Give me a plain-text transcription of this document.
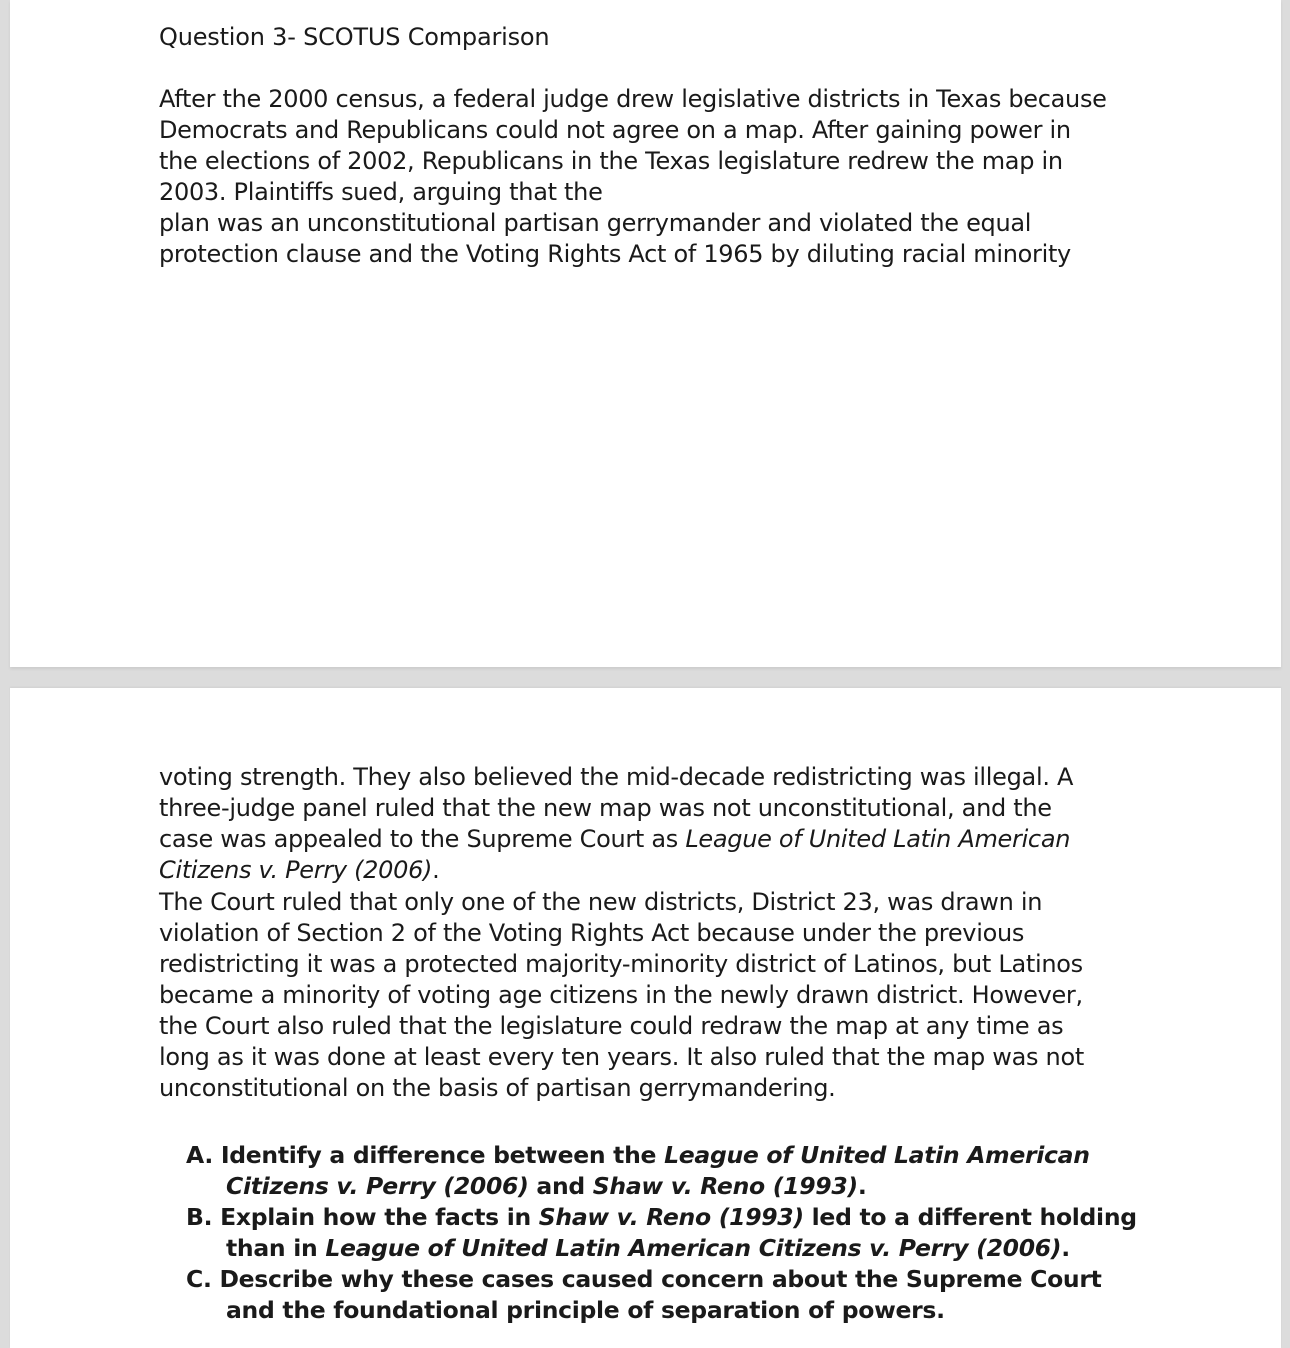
Question 3- SCOTUS Comparison

After the 2000 census, a federal judge drew legislative districts in Texas because
Democrats and Republicans could not agree on a map. After gaining power in
the elections of 2002, Republicans in the Texas legislature redrew the map in
2003. Plaintiffs sued, arguing that the
plan was an unconstitutional partisan gerrymander and violated the equal
protection clause and the Voting Rights Act of 1965 by diluting racial minority

voting strength. They also believed the mid-decade redistricting was illegal. A
three-judge panel ruled that the new map was not unconstitutional, and the
case was appealed to the Supreme Court as League of United Latin American
Citizens v. Perry (2006).

The Court ruled that only one of the new districts, District 23, was drawn in
violation of Section 2 of the Voting Rights Act because under the previous
redistricting it was a protected majority-minority district of Latinos, but Latinos
became a minority of voting age citizens in the newly drawn district. However,
the Court also ruled that the legislature could redraw the map at any time as
long as it was done at least every ten years. It also ruled that the map was not
unconstitutional on the basis of partisan gerrymandering.

A. Identify a difference between the League of United Latin American
Citizens v. Perry (2006) and Shaw v. Reno (1993).
B. Explain how the facts in Shaw v. Reno (1993) led to a different holding
than in League of United Latin American Citizens v. Perry (2006).
C. Describe why these cases caused concern about the Supreme Court
and the foundational principle of separation of powers.
